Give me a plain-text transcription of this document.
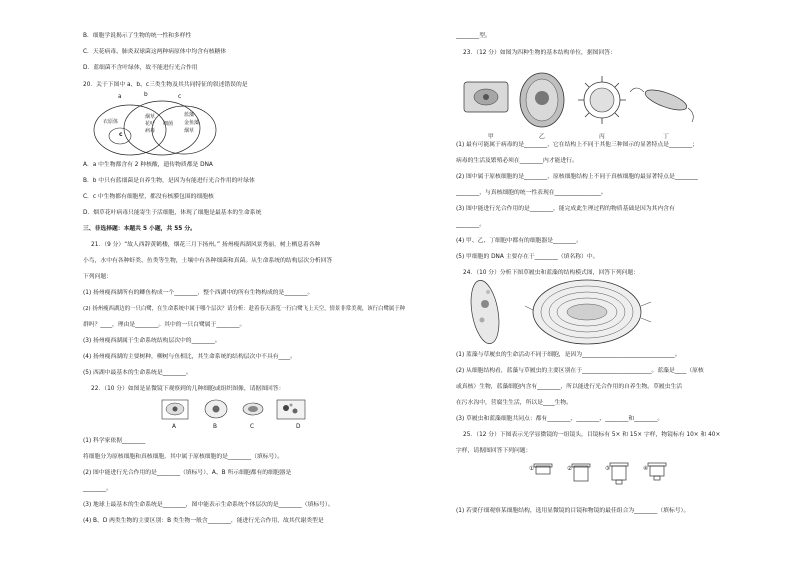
B．细胞学说揭示了生物的统一性和多样性
C．天花病毒、肺炎双球菌这两种病原体中均含有核糖体
D．蓝细菌不含叶绿体，故不能进行光合作用
20．关于下图中 a、b、c三类生物及其共同特征的叙述错误的是
a	b	c
衣原体
c
烟草
花叶
病毒
细菌
蓝藻
金鱼藻
烟草
A．a 中生物都含有 2 种核酸，遗传物质都是 DNA
B．b 中只有蓝细菌是自养生物，是因为有能进行光合作用的叶绿体
C．c 中生物都有细胞壁，都没有核膜包围的细胞核
D．烟草花叶病毒只能寄生于活细胞，体现了细胞是最基本的生命系统
三、非选择题：本题共 5 小题，共 55 分。
21．（9 分）“故人西辞黄鹤楼，烟花三月下扬州。” 扬州瘦西湖风景秀丽，树上栖息着各种
小鸟，水中有各种虾类、鱼类等生物，土壤中有各种细菌和真菌。从生命系统的结构层次分析回答
下列问题：
(1) 扬州瘦西湖所有的鲫鱼构成一个________，整个西湖中的所有生物构成的是________。
(2) 扬州瘦西湖边的一只白鹭，在生命系统中属于哪个层次？请分析：趁着春天游览一行白鹭飞上天空，情景非常美观，该行白鹭属于种
群吗？____，理由是________。其中的一只白鹭属于________。
(3) 扬州瘦西湖属于生命系统结构层次中的________。
(4) 扬州瘦西湖的主要树种，柳树与鱼相比，其生命系统的结构层次中不具有____。
(5) 西湖中最基本的生命系统是________。
22．（10 分）如图是显微镜下观察到的几种细胞或组织图像，请据图回答：
A	B	C	D
(1) 科学家依据________
将细胞分为原核细胞和真核细胞，其中属于原核细胞的是________（填标号）。
(2) 图中能进行光合作用的是________（填标号），A、B 所示细胞都有的细胞器是
________。
(3) 地球上最基本的生命系统是________，图中能表示生命系统个体层次的是________（填标号）。
(4) B、D 两类生物的主要区别：B 类生物一般含________，能进行光合作用，故其代谢类型是
________型。
23．（12 分）如图为四种生物的基本结构单位，据图回答：
甲	乙	丙	丁
(1) 最有可能属于病毒的是________，它在结构上不同于其他三种图示的显著特点是________；
病毒的生活及繁殖必须在________内才能进行。
(2) 图中属于原核细胞的是________，原核细胞结构上不同于真核细胞的最显著特点是________
________，与真核细胞的统一性表现在________________。
(3) 图中能进行光合作用的是________，能完成此生理过程的物质基础是因为其内含有
________。
(4) 甲、乙、丁细胞中都有的细胞器是________。
(5) 甲细胞的 DNA 主要存在于________（填名称）中。
24．（10 分）分析下图草履虫和蓝藻的结构模式图，回答下列问题：
(1) 蓝藻与草履虫的生命活动不同于细胞，是因为________________________________。
(2) 从细胞结构看，蓝藻与草履虫的主要区别在于________________________。蓝藻是____（原核
或真核）生物，蓝藻细胞内含有________，所以能进行光合作用的自养生物。草履虫生活
在污水沟中，营腐生生活，所以是____生物。
(3) 草履虫和蓝藻细胞共同点：都有________、________、________和________。
25．（12 分）下图表示光学显微镜的一组镜头，目镜标有 5× 和 15× 字样，物镜标有 10× 和 40×
字样，请据图回答下列问题：
①	②	③	④
(1) 若要仔细观察某细胞结构，选用显微镜的目镜和物镜的最佳组合为________（填标号）。
